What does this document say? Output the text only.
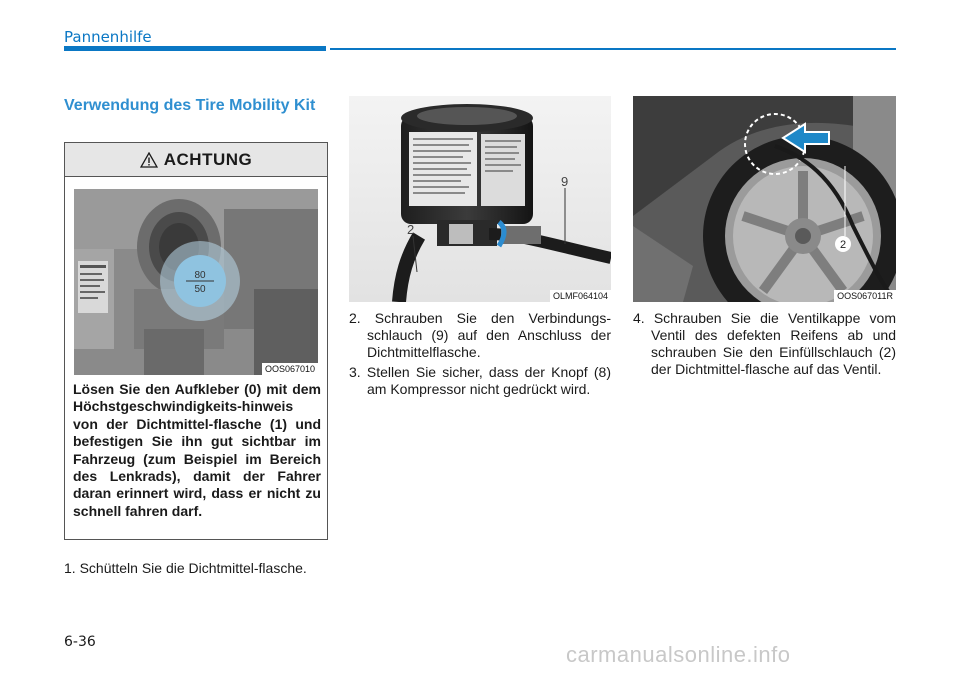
Pannenhilfe
Verwendung des Tire Mobility Kit
ACHTUNG
80
50
OOS067010
Lösen Sie den Aufkleber (0) mit dem Höchstgeschwindigkeits-hinweis von der Dichtmittel-flasche (1) und befestigen Sie ihn gut sichtbar im Fahrzeug (zum Beispiel im Bereich des Lenkrads), damit der Fahrer daran erinnert wird, dass er nicht zu schnell fahren darf.
1. Schütteln Sie die Dichtmittel-flasche.
2
9
OLMF064104
2. Schrauben Sie den Verbindungs-schlauch (9) auf den Anschluss der Dichtmittelflasche.
3. Stellen Sie sicher, dass der Knopf (8) am Kompressor nicht gedrückt wird.
2
OOS067011R
4. Schrauben Sie die Ventilkappe vom Ventil des defekten Reifens ab und schrauben Sie den Einfüllschlauch (2) der Dichtmittel-flasche auf das Ventil.
6-36	carmanualsonline.info
